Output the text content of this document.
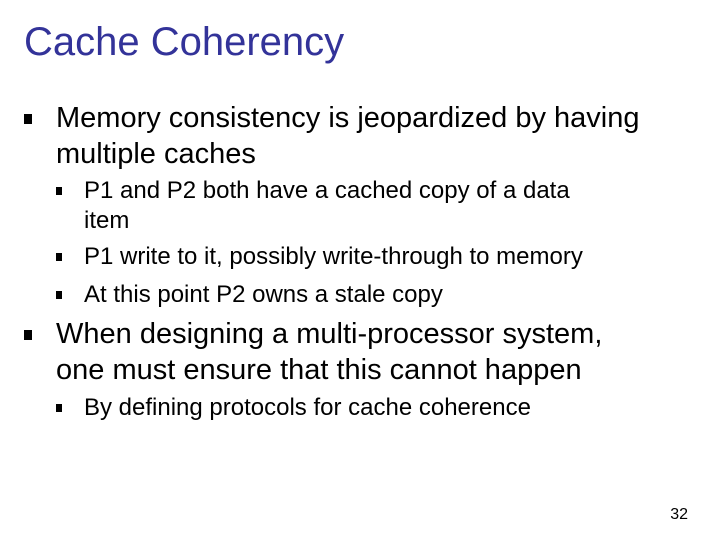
Cache Coherency
Memory consistency is jeopardized by having
multiple caches
P1 and P2 both have a cached copy of a data
item
P1 write to it, possibly write-through to memory
At this point P2 owns a stale copy
When designing a multi-processor system,
one must ensure that this cannot happen
By defining protocols for cache coherence
32
